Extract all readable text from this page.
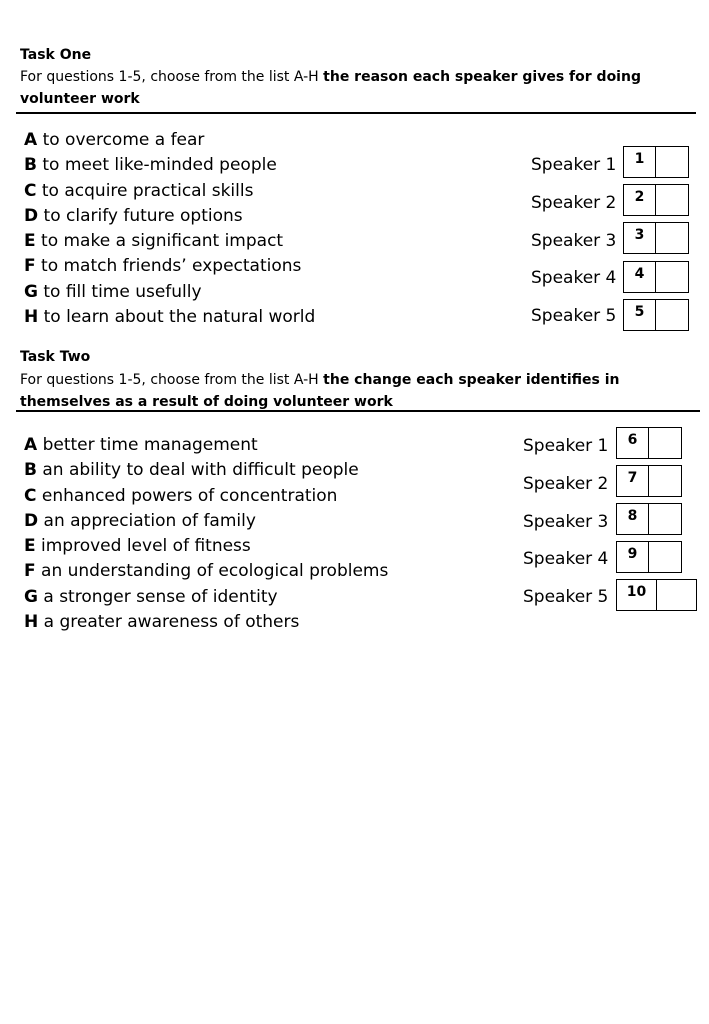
Task One
For questions 1-5, choose from the list A-H the reason each speaker gives for doing
volunteer work
A to overcome a fear
B to meet like-minded people
C to acquire practical skills
D to clarify future options
E to make a significant impact
F to match friends’ expectations
G to fill time usefully
H to learn about the natural world
Speaker 1	1
Speaker 2	2
Speaker 3	3
Speaker 4	4
Speaker 5	5
Task Two
For questions 1-5, choose from the list A-H the change each speaker identifies in
themselves as a result of doing volunteer work
A better time management
B an ability to deal with difficult people
C enhanced powers of concentration
D an appreciation of family
E improved level of fitness
F an understanding of ecological problems
G a stronger sense of identity
H a greater awareness of others
Speaker 1	6
Speaker 2	7
Speaker 3	8
Speaker 4	9
Speaker 5	10
